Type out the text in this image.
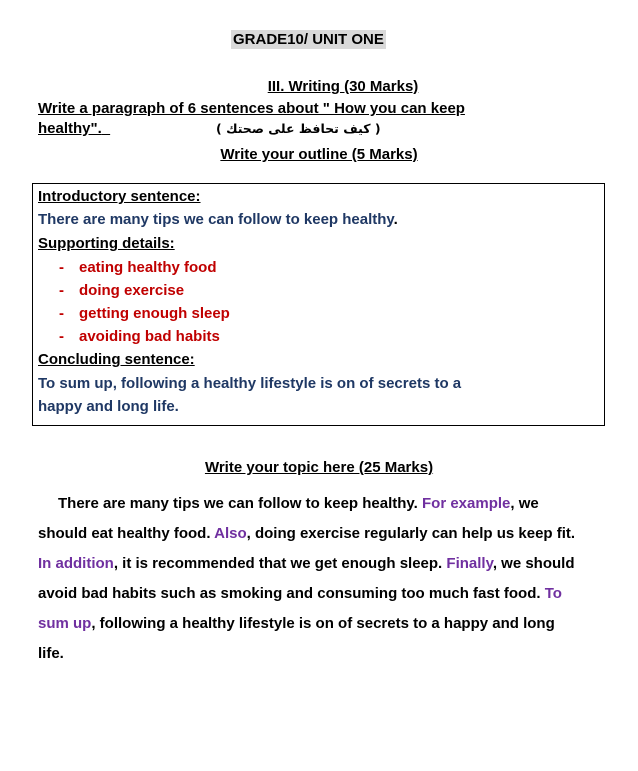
GRADE10/ UNIT ONE
III. Writing (30 Marks)
Write a paragraph of 6 sentences about " How you can keep
healthy".	( كيف تحافظ على صحتك )
Write your outline (5 Marks)
Introductory sentence:
There are many tips we can follow to keep healthy.
Supporting details:
- eating healthy food
- doing exercise
- getting enough sleep
- avoiding bad habits
Concluding sentence:
To sum up, following a healthy lifestyle is on of secrets to a
happy and long life.
Write your topic here (25 Marks)
There are many tips we can follow to keep healthy. For example, we should eat healthy food. Also, doing exercise regularly can help us keep fit. In addition, it is recommended that we get enough sleep. Finally, we should avoid bad habits such as smoking and consuming too much fast food. To sum up, following a healthy lifestyle is on of secrets to a happy and long life.
